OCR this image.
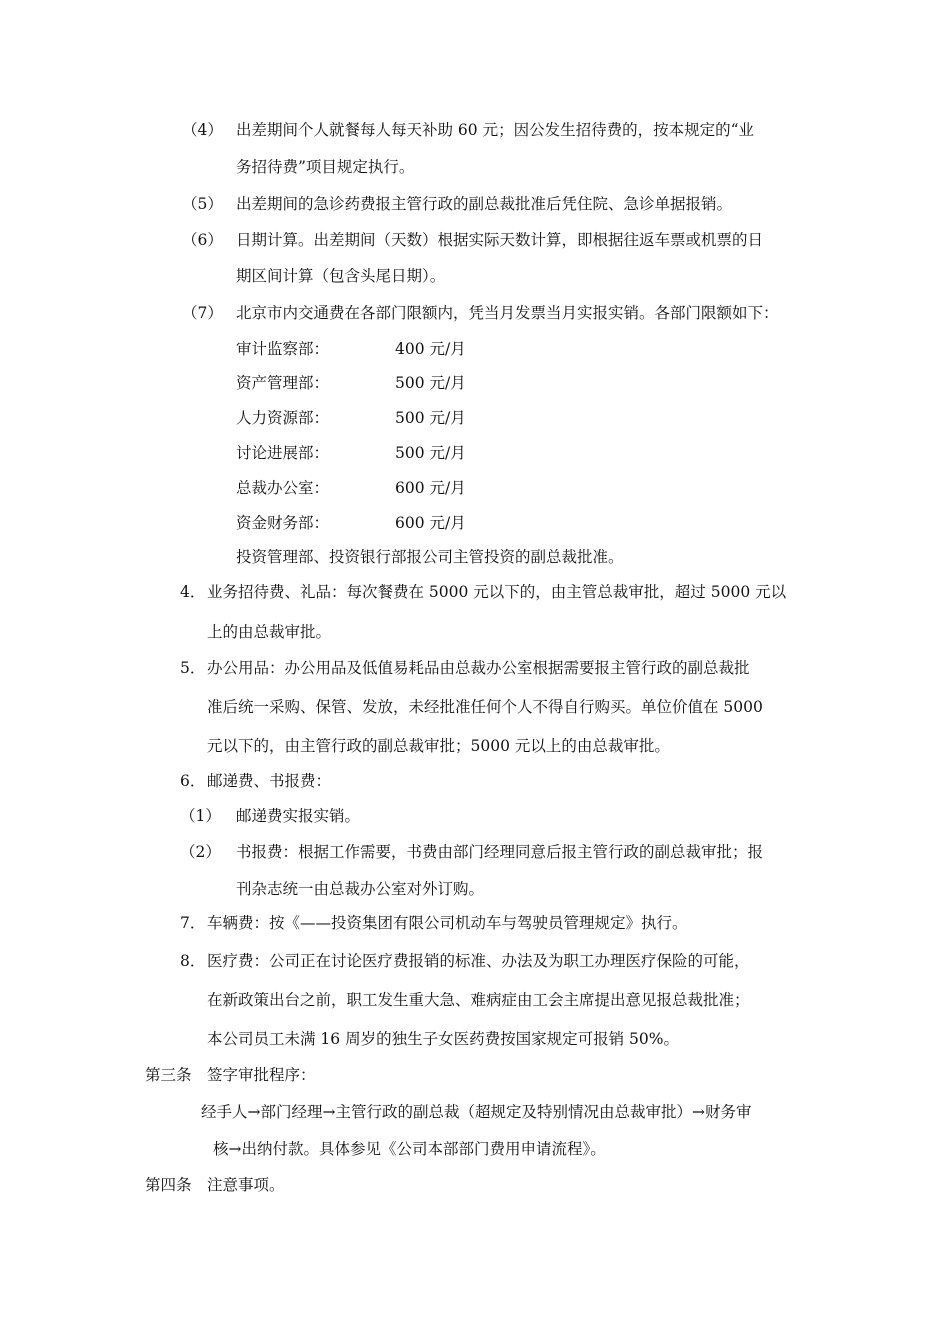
（4） 出差期间个人就餐每人每天补助 60 元；因公发生招待费的，按本规定的“业
务招待费”项目规定执行。
（5） 出差期间的急诊药费报主管行政的副总裁批准后凭住院、急诊单据报销。
（6） 日期计算。出差期间（天数）根据实际天数计算，即根据往返车票或机票的日
期区间计算（包含头尾日期）。
（7） 北京市内交通费在各部门限额内，凭当月发票当月实报实销。各部门限额如下：
审计监察部：	400 元/月
资产管理部：	500 元/月
人力资源部：	500 元/月
讨论进展部：	500 元/月
总裁办公室：	600 元/月
资金财务部：	600 元/月
投资管理部、投资银行部报公司主管投资的副总裁批准。
4． 业务招待费、礼品：每次餐费在 5000 元以下的，由主管总裁审批，超过 5000 元以
上的由总裁审批。
5． 办公用品：办公用品及低值易耗品由总裁办公室根据需要报主管行政的副总裁批
准后统一采购、保管、发放，未经批准任何个人不得自行购买。单位价值在 5000
元以下的，由主管行政的副总裁审批；5000 元以上的由总裁审批。
6． 邮递费、书报费：
（1） 邮递费实报实销。
（2） 书报费：根据工作需要，书费由部门经理同意后报主管行政的副总裁审批；报
刊杂志统一由总裁办公室对外订购。
7． 车辆费：按《——投资集团有限公司机动车与驾驶员管理规定》执行。
8． 医疗费：公司正在讨论医疗费报销的标准、办法及为职工办理医疗保险的可能，
在新政策出台之前，职工发生重大急、难病症由工会主席提出意见报总裁批准；
本公司员工未满 16 周岁的独生子女医药费按国家规定可报销 50%。
第三条　签字审批程序：
经手人→部门经理→主管行政的副总裁（超规定及特别情况由总裁审批）→财务审
核→出纳付款。具体参见《公司本部部门费用申请流程》。
第四条　注意事项。
